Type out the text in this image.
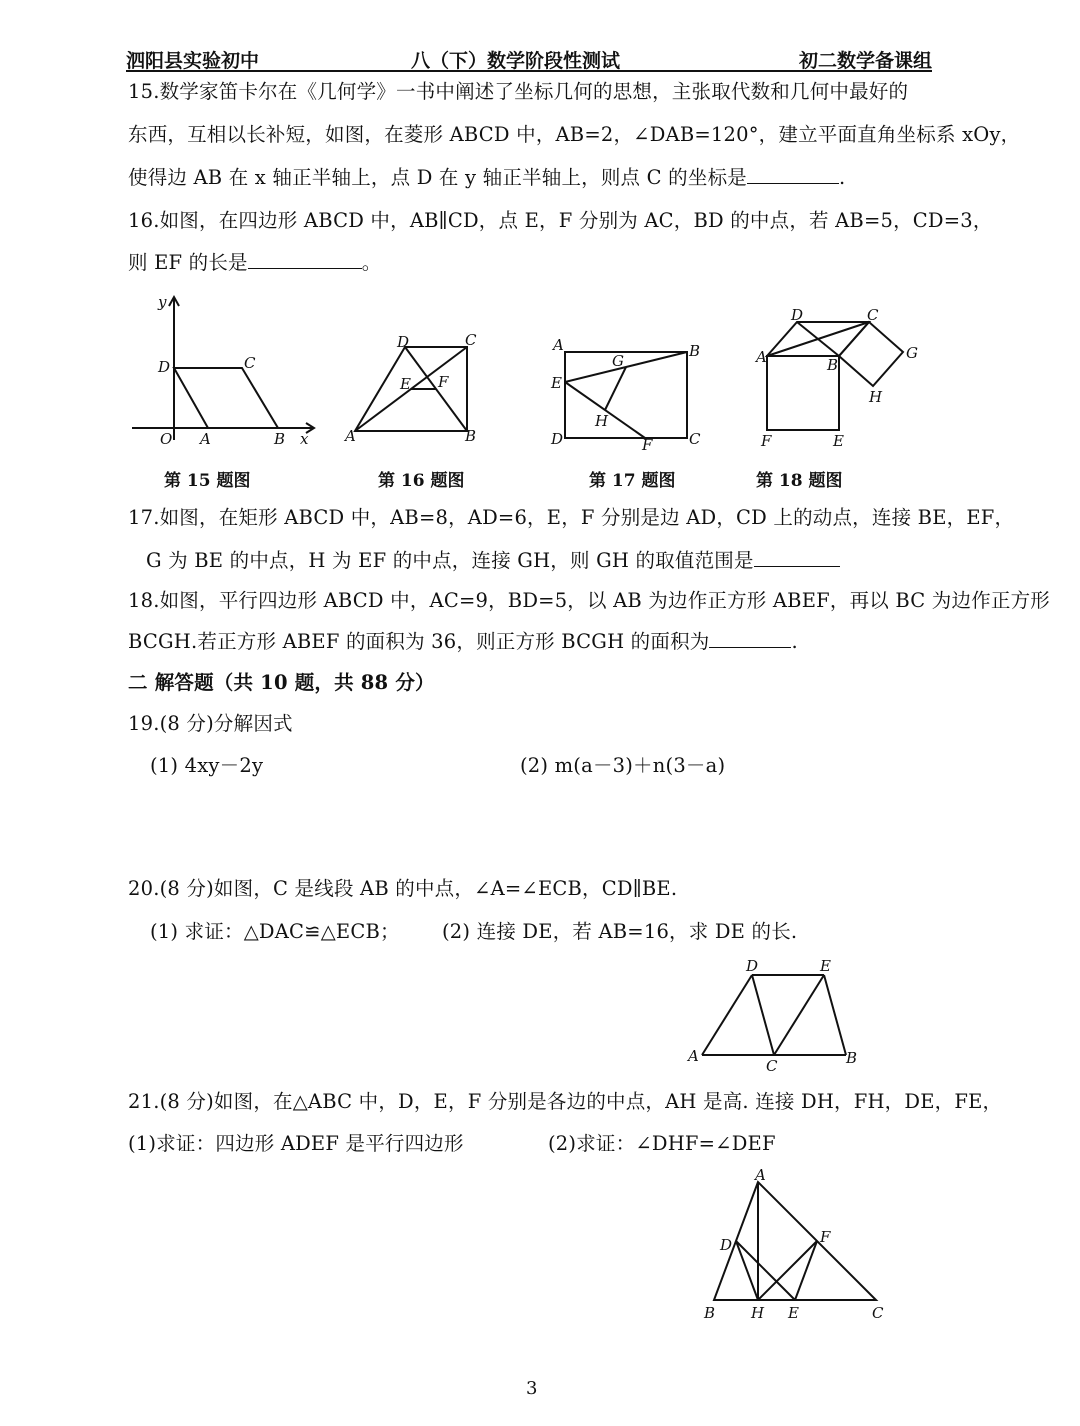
泗阳县实验初中	八（下）数学阶段性测试	初二数学备课组
15.数学家笛卡尔在《几何学》一书中阐述了坐标几何的思想，主张取代数和几何中最好的
东西，互相以长补短，如图，在菱形 ABCD 中，AB=2，∠DAB=120°，建立平面直角坐标系 xOy，
使得边 AB 在 x 轴正半轴上，点 D 在 y 轴正半轴上，则点 C 的坐标是	.
16.如图，在四边形 ABCD 中，AB∥CD，点 E，F 分别为 AC，BD 的中点，若 AB=5，CD=3，
则 EF 的长是	。
y
D	C
O A	B x
第 15 题图
D	C
E F
A	B
第 16 题图
A	B
G
E
H
D	F C
第 17 题图
D	C
A	B
G
H
F	E
第 18 题图
17.如图，在矩形 ABCD 中，AB=8，AD=6，E，F 分别是边 AD，CD 上的动点，连接 BE，EF，
G 为 BE 的中点，H 为 EF 的中点，连接 GH，则 GH 的取值范围是
18.如图，平行四边形 ABCD 中，AC=9，BD=5，以 AB 为边作正方形 ABEF，再以 BC 为边作正方形
BCGH.若正方形 ABEF 的面积为 36，则正方形 BCGH 的面积为	.
二 解答题（共 10 题，共 88 分）
19.(8 分)分解因式
(1) 4xy－2y	(2) m(a－3)＋n(3－a)
20.(8 分)如图，C 是线段 AB 的中点，∠A=∠ECB，CD∥BE.
(1) 求证：△DAC≌△ECB； (2) 连接 DE，若 AB=16，求 DE 的长.
D	E
A
C	B
21.(8 分)如图，在△ABC 中，D，E，F 分别是各边的中点，AH 是高. 连接 DH，FH，DE，FE，
(1)求证：四边形 ADEF 是平行四边形	(2)求证：∠DHF=∠DEF
A
D	F
B H E	C
3
